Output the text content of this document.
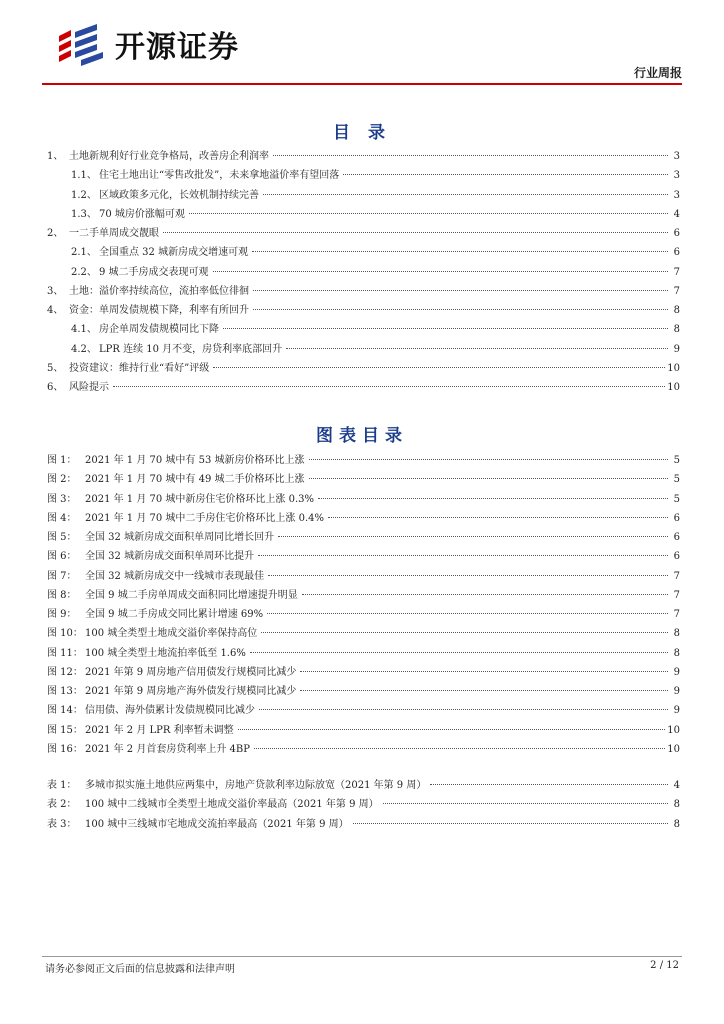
开源证券
行业周报
目 录
1、 土地新规利好行业竞争格局，改善房企利润率	3
1.1、 住宅土地出让“零售改批发”，未来拿地溢价率有望回落	3
1.2、 区域政策多元化，长效机制持续完善	3
1.3、 70 城房价涨幅可观	4
2、 一二手单周成交靓眼	6
2.1、 全国重点 32 城新房成交增速可观	6
2.2、 9 城二手房成交表现可观	7
3、 土地：溢价率持续高位，流拍率低位徘徊	7
4、 资金：单周发债规模下降，利率有所回升	8
4.1、 房企单周发债规模同比下降	8
4.2、 LPR 连续 10 月不变，房贷利率底部回升	9
5、 投资建议：维持行业“看好”评级	10
6、 风险提示	10
图表目录
图 1： 2021 年 1 月 70 城中有 53 城新房价格环比上涨	5
图 2： 2021 年 1 月 70 城中有 49 城二手价格环比上涨	5
图 3： 2021 年 1 月 70 城中新房住宅价格环比上涨 0.3%	5
图 4： 2021 年 1 月 70 城中二手房住宅价格环比上涨 0.4%	6
图 5： 全国 32 城新房成交面积单周同比增长回升	6
图 6： 全国 32 城新房成交面积单周环比提升	6
图 7： 全国 32 城新房成交中一线城市表现最佳	7
图 8： 全国 9 城二手房单周成交面积同比增速提升明显	7
图 9： 全国 9 城二手房成交同比累计增速 69%	7
图 10： 100 城全类型土地成交溢价率保持高位	8
图 11： 100 城全类型土地流拍率低至 1.6%	8
图 12： 2021 年第 9 周房地产信用债发行规模同比减少	9
图 13： 2021 年第 9 周房地产海外债发行规模同比减少	9
图 14： 信用债、海外债累计发债规模同比减少	9
图 15： 2021 年 2 月 LPR 利率暂未调整	10
图 16： 2021 年 2 月首套房贷利率上升 4BP	10
表 1： 多城市拟实施土地供应两集中，房地产贷款利率边际放宽（2021 年第 9 周）	4
表 2： 100 城中二线城市全类型土地成交溢价率最高（2021 年第 9 周）	8
表 3： 100 城中三线城市宅地成交流拍率最高（2021 年第 9 周）	8
请务必参阅正文后面的信息披露和法律声明	2 / 12
